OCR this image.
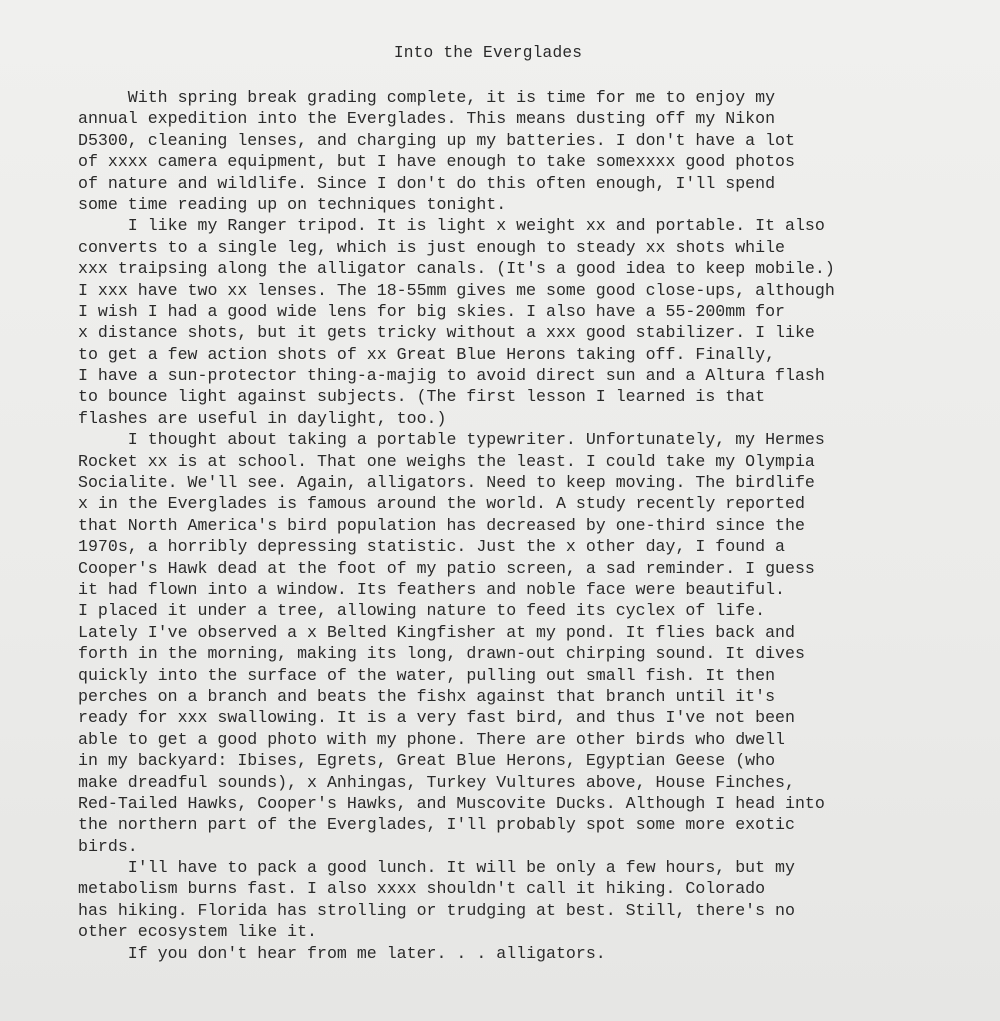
Into the Everglades
With spring break grading complete, it is time for me to enjoy my
annual expedition into the Everglades. This means dusting off my Nikon
D5300, cleaning lenses, and charging up my batteries. I don't have a lot
of xxxx camera equipment, but I have enough to take somexxxx good photos
of nature and wildlife. Since I don't do this often enough, I'll spend
some time reading up on techniques tonight.
I like my Ranger tripod. It is light x weight xx and portable. It also
converts to a single leg, which is just enough to steady xx shots while
xxx traipsing along the alligator canals. (It's a good idea to keep mobile.)
I xxx have two xx lenses. The 18-55mm gives me some good close-ups, although
I wish I had a good wide lens for big skies. I also have a 55-200mm for
x distance shots, but it gets tricky without a xxx good stabilizer. I like
to get a few action shots of xx Great Blue Herons taking off. Finally,
I have a sun-protector thing-a-majig to avoid direct sun and a Altura flash
to bounce light against subjects. (The first lesson I learned is that
flashes are useful in daylight, too.)
I thought about taking a portable typewriter. Unfortunately, my Hermes
Rocket xx is at school. That one weighs the least. I could take my Olympia
Socialite. We'll see. Again, alligators. Need to keep moving. The birdlife
x in the Everglades is famous around the world. A study recently reported
that North America's bird population has decreased by one-third since the
1970s, a horribly depressing statistic. Just the x other day, I found a
Cooper's Hawk dead at the foot of my patio screen, a sad reminder. I guess
it had flown into a window. Its feathers and noble face were beautiful.
I placed it under a tree, allowing nature to feed its cyclex of life.
Lately I've observed a x Belted Kingfisher at my pond. It flies back and
forth in the morning, making its long, drawn-out chirping sound. It dives
quickly into the surface of the water, pulling out small fish. It then
perches on a branch and beats the fishx against that branch until it's
ready for xxx swallowing. It is a very fast bird, and thus I've not been
able to get a good photo with my phone. There are other birds who dwell
in my backyard: Ibises, Egrets, Great Blue Herons, Egyptian Geese (who
make dreadful sounds), x Anhingas, Turkey Vultures above, House Finches,
Red-Tailed Hawks, Cooper's Hawks, and Muscovite Ducks. Although I head into
the northern part of the Everglades, I'll probably spot some more exotic
birds.
I'll have to pack a good lunch. It will be only a few hours, but my
metabolism burns fast. I also xxxx shouldn't call it hiking. Colorado
has hiking. Florida has strolling or trudging at best. Still, there's no
other ecosystem like it.
If you don't hear from me later. . . alligators.
